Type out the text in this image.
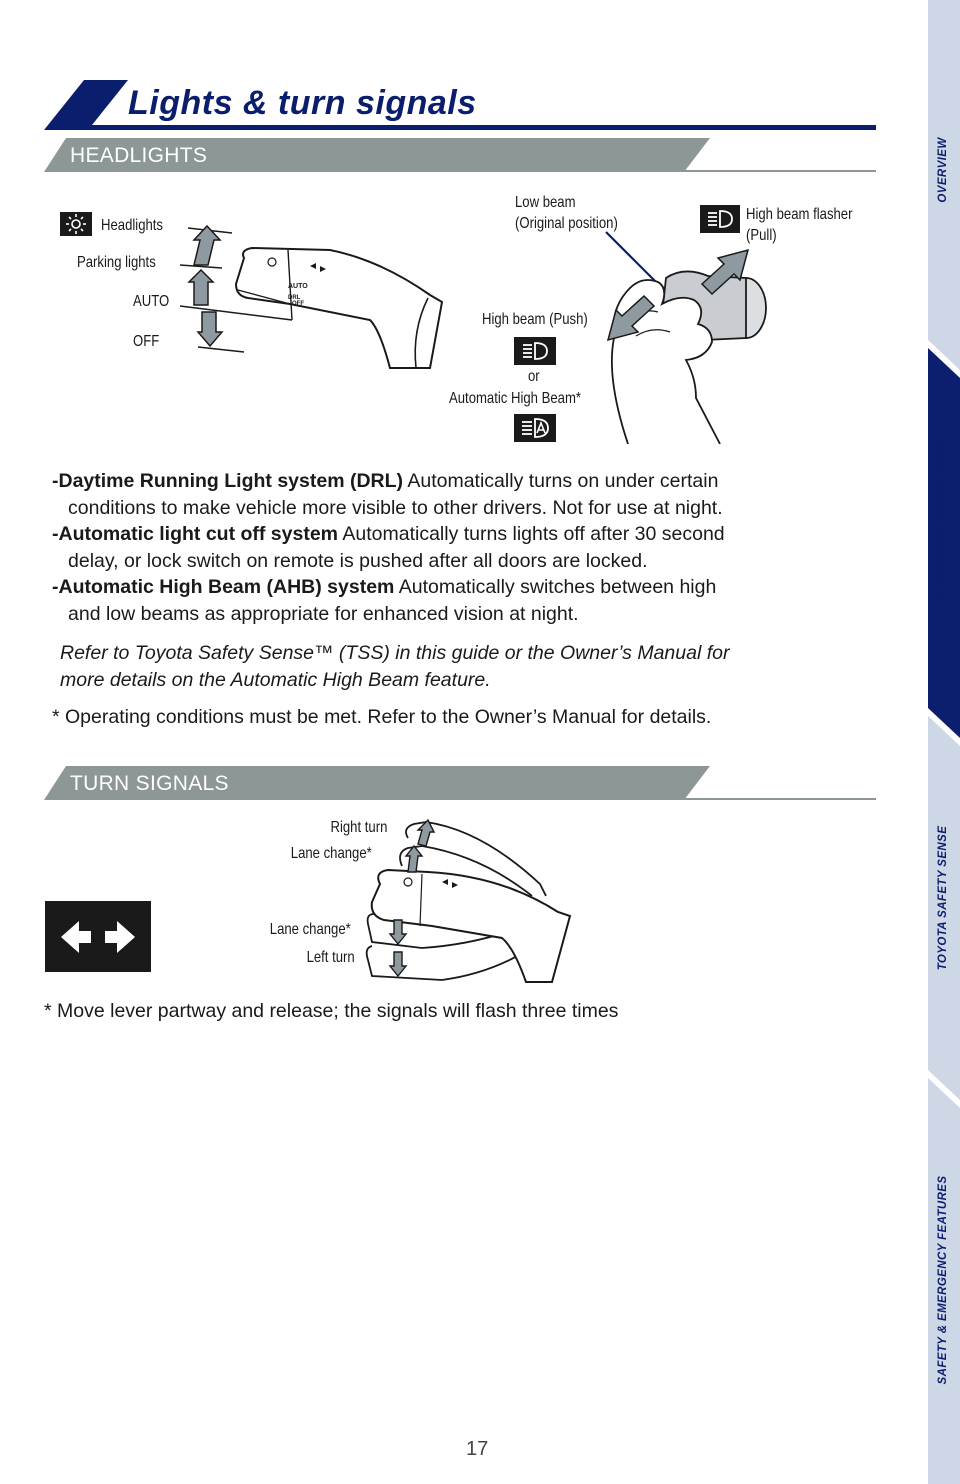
Lights & turn signals
HEADLIGHTS
Headlights
Parking lights
AUTO
OFF
AUTO
DRL
OFF
Low beam
(Original position)
High beam flasher
(Pull)
High beam (Push)
or
Automatic High Beam*

-Daytime Running Light system (DRL) Automatically turns on under certain
conditions to make vehicle more visible to other drivers. Not for use at night.

-Automatic light cut off system Automatically turns lights off after 30 second
delay, or lock switch on remote is pushed after all doors are locked.

-Automatic High Beam (AHB) system Automatically switches between high
and low beams as appropriate for enhanced vision at night.

Refer to Toyota Safety Sense™ (TSS) in this guide or the Owner’s Manual for
more details on the Automatic High Beam feature.
* Operating conditions must be met. Refer to the Owner’s Manual for details.
TURN SIGNALS
Right turn
Lane change*
Lane change*
Left turn
* Move lever partway and release; the signals will flash three times
OVERVIEW
FEATURES & OPERATIONS
TOYOTA SAFETY SENSE
SAFETY & EMERGENCY FEATURES
17
